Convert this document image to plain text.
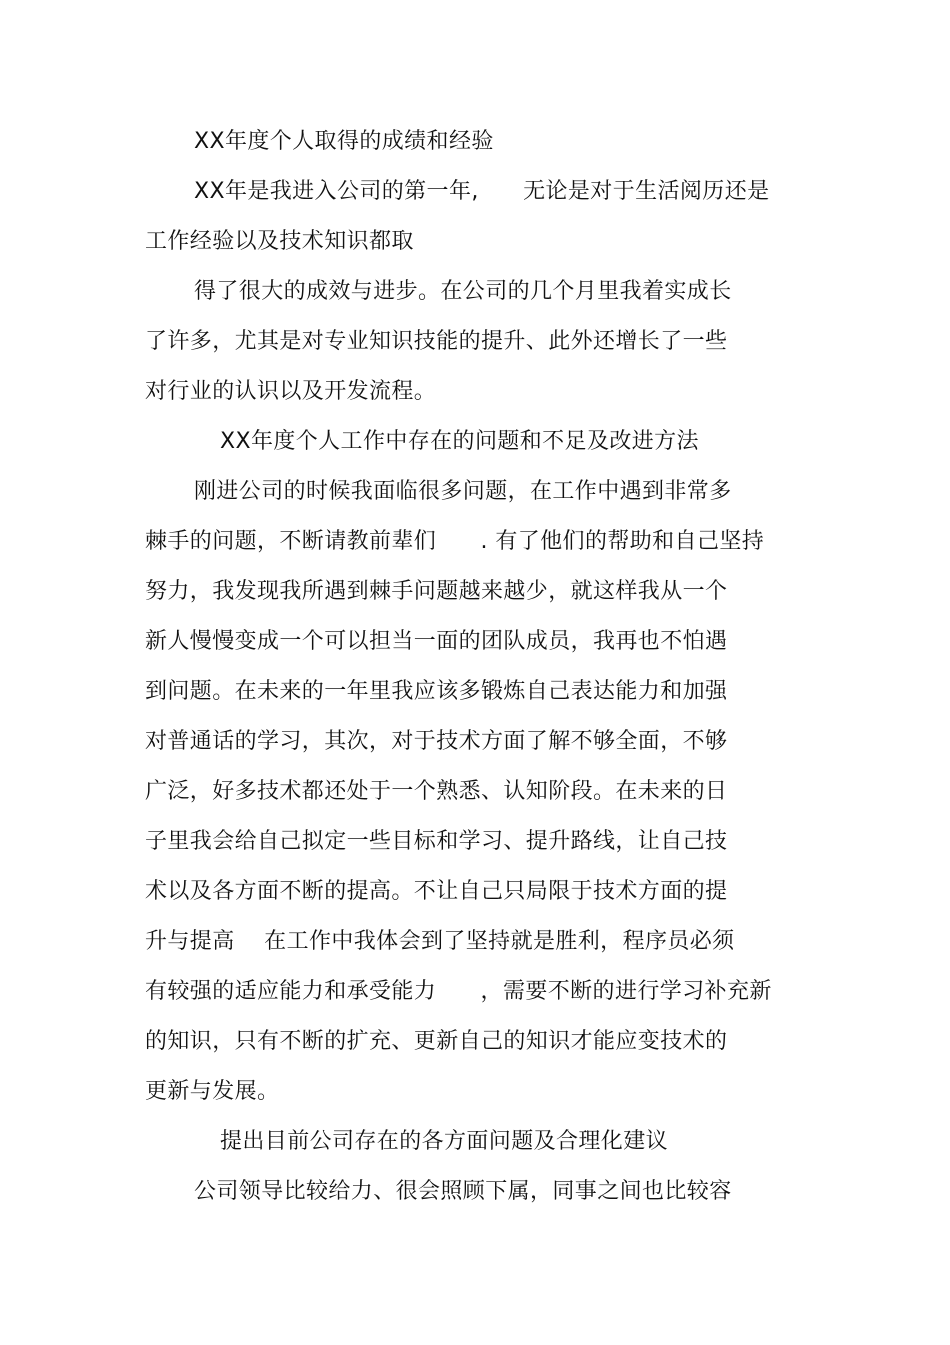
XX年度个人取得的成绩和经验
XX年是我进入公司的第一年,      无论是对于生活阅历还是
工作经验以及技术知识都取
得了很大的成效与进步。在公司的几个月里我着实成长
了许多，尤其是对专业知识技能的提升、此外还增长了一些
对行业的认识以及开发流程。
XX年度个人工作中存在的问题和不足及改进方法
刚进公司的时候我面临很多问题，在工作中遇到非常多
棘手的问题，不断请教前辈们      . 有了他们的帮助和自己坚持
努力，我发现我所遇到棘手问题越来越少，就这样我从一个
新人慢慢变成一个可以担当一面的团队成员，我再也不怕遇
到问题。在未来的一年里我应该多锻炼自己表达能力和加强
对普通话的学习，其次，对于技术方面了解不够全面，不够
广泛，好多技术都还处于一个熟悉、认知阶段。在未来的日
子里我会给自己拟定一些目标和学习、提升路线，让自己技
术以及各方面不断的提高。不让自己只局限于技术方面的提
升与提高    在工作中我体会到了坚持就是胜利，程序员必须
有较强的适应能力和承受能力      ，需要不断的进行学习补充新
的知识，只有不断的扩充、更新自己的知识才能应变技术的
更新与发展。
提出目前公司存在的各方面问题及合理化建议
公司领导比较给力、很会照顾下属，同事之间也比较容
